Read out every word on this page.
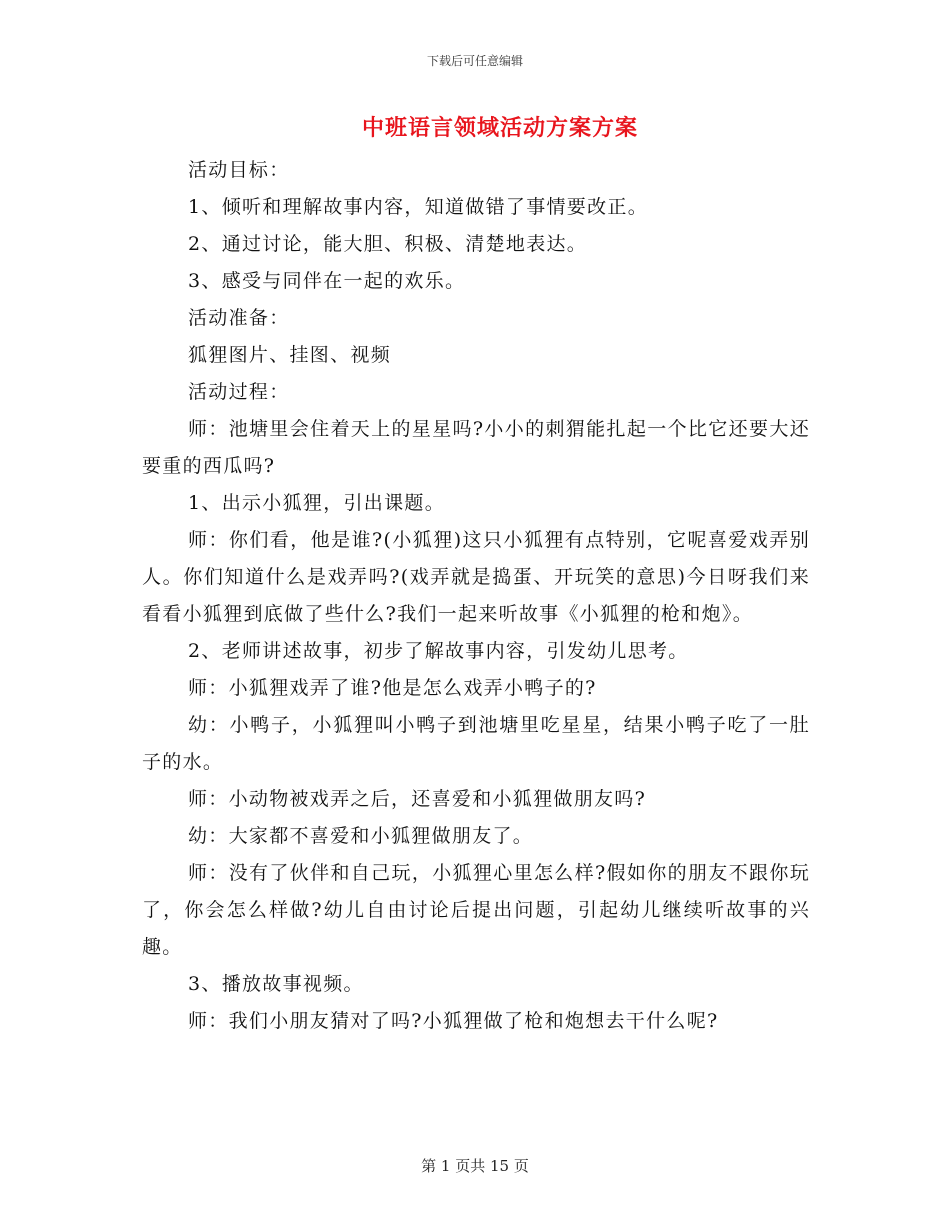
下载后可任意编辑
中班语言领域活动方案方案

活动目标：

1、倾听和理解故事内容，知道做错了事情要改正。

2、通过讨论，能大胆、积极、清楚地表达。

3、感受与同伴在一起的欢乐。

活动准备：

狐狸图片、挂图、视频

活动过程：

师：池塘里会住着天上的星星吗?小小的刺猬能扎起一个比它还要大还要重的西瓜吗?

1、出示小狐狸，引出课题。

师：你们看，他是谁?(小狐狸)这只小狐狸有点特别，它呢喜爱戏弄别人。你们知道什么是戏弄吗?(戏弄就是捣蛋、开玩笑的意思)今日呀我们来看看小狐狸到底做了些什么?我们一起来听故事《小狐狸的枪和炮》。

2、老师讲述故事，初步了解故事内容，引发幼儿思考。

师：小狐狸戏弄了谁?他是怎么戏弄小鸭子的?

幼：小鸭子，小狐狸叫小鸭子到池塘里吃星星，结果小鸭子吃了一肚子的水。

师：小动物被戏弄之后，还喜爱和小狐狸做朋友吗?

幼：大家都不喜爱和小狐狸做朋友了。

师：没有了伙伴和自己玩，小狐狸心里怎么样?假如你的朋友不跟你玩了，你会怎么样做?幼儿自由讨论后提出问题，引起幼儿继续听故事的兴趣。

3、播放故事视频。

师：我们小朋友猜对了吗?小狐狸做了枪和炮想去干什么呢?

第 1 页共 15 页
